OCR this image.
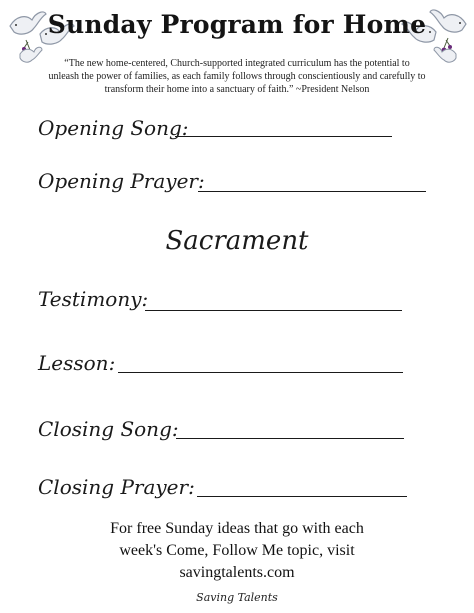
Sunday Program for Home
“The new home-centered, Church-supported integrated curriculum has the potential to unleash the power of families, as each family follows through conscientiously and carefully to transform their home into a sanctuary of faith.” ~President Nelson
Opening Song:
Opening Prayer:
Sacrament
Testimony:
Lesson:
Closing Song:
Closing Prayer:
For free Sunday ideas that go with each
week's Come, Follow Me topic, visit
savingtalents.com
Saving Talents
